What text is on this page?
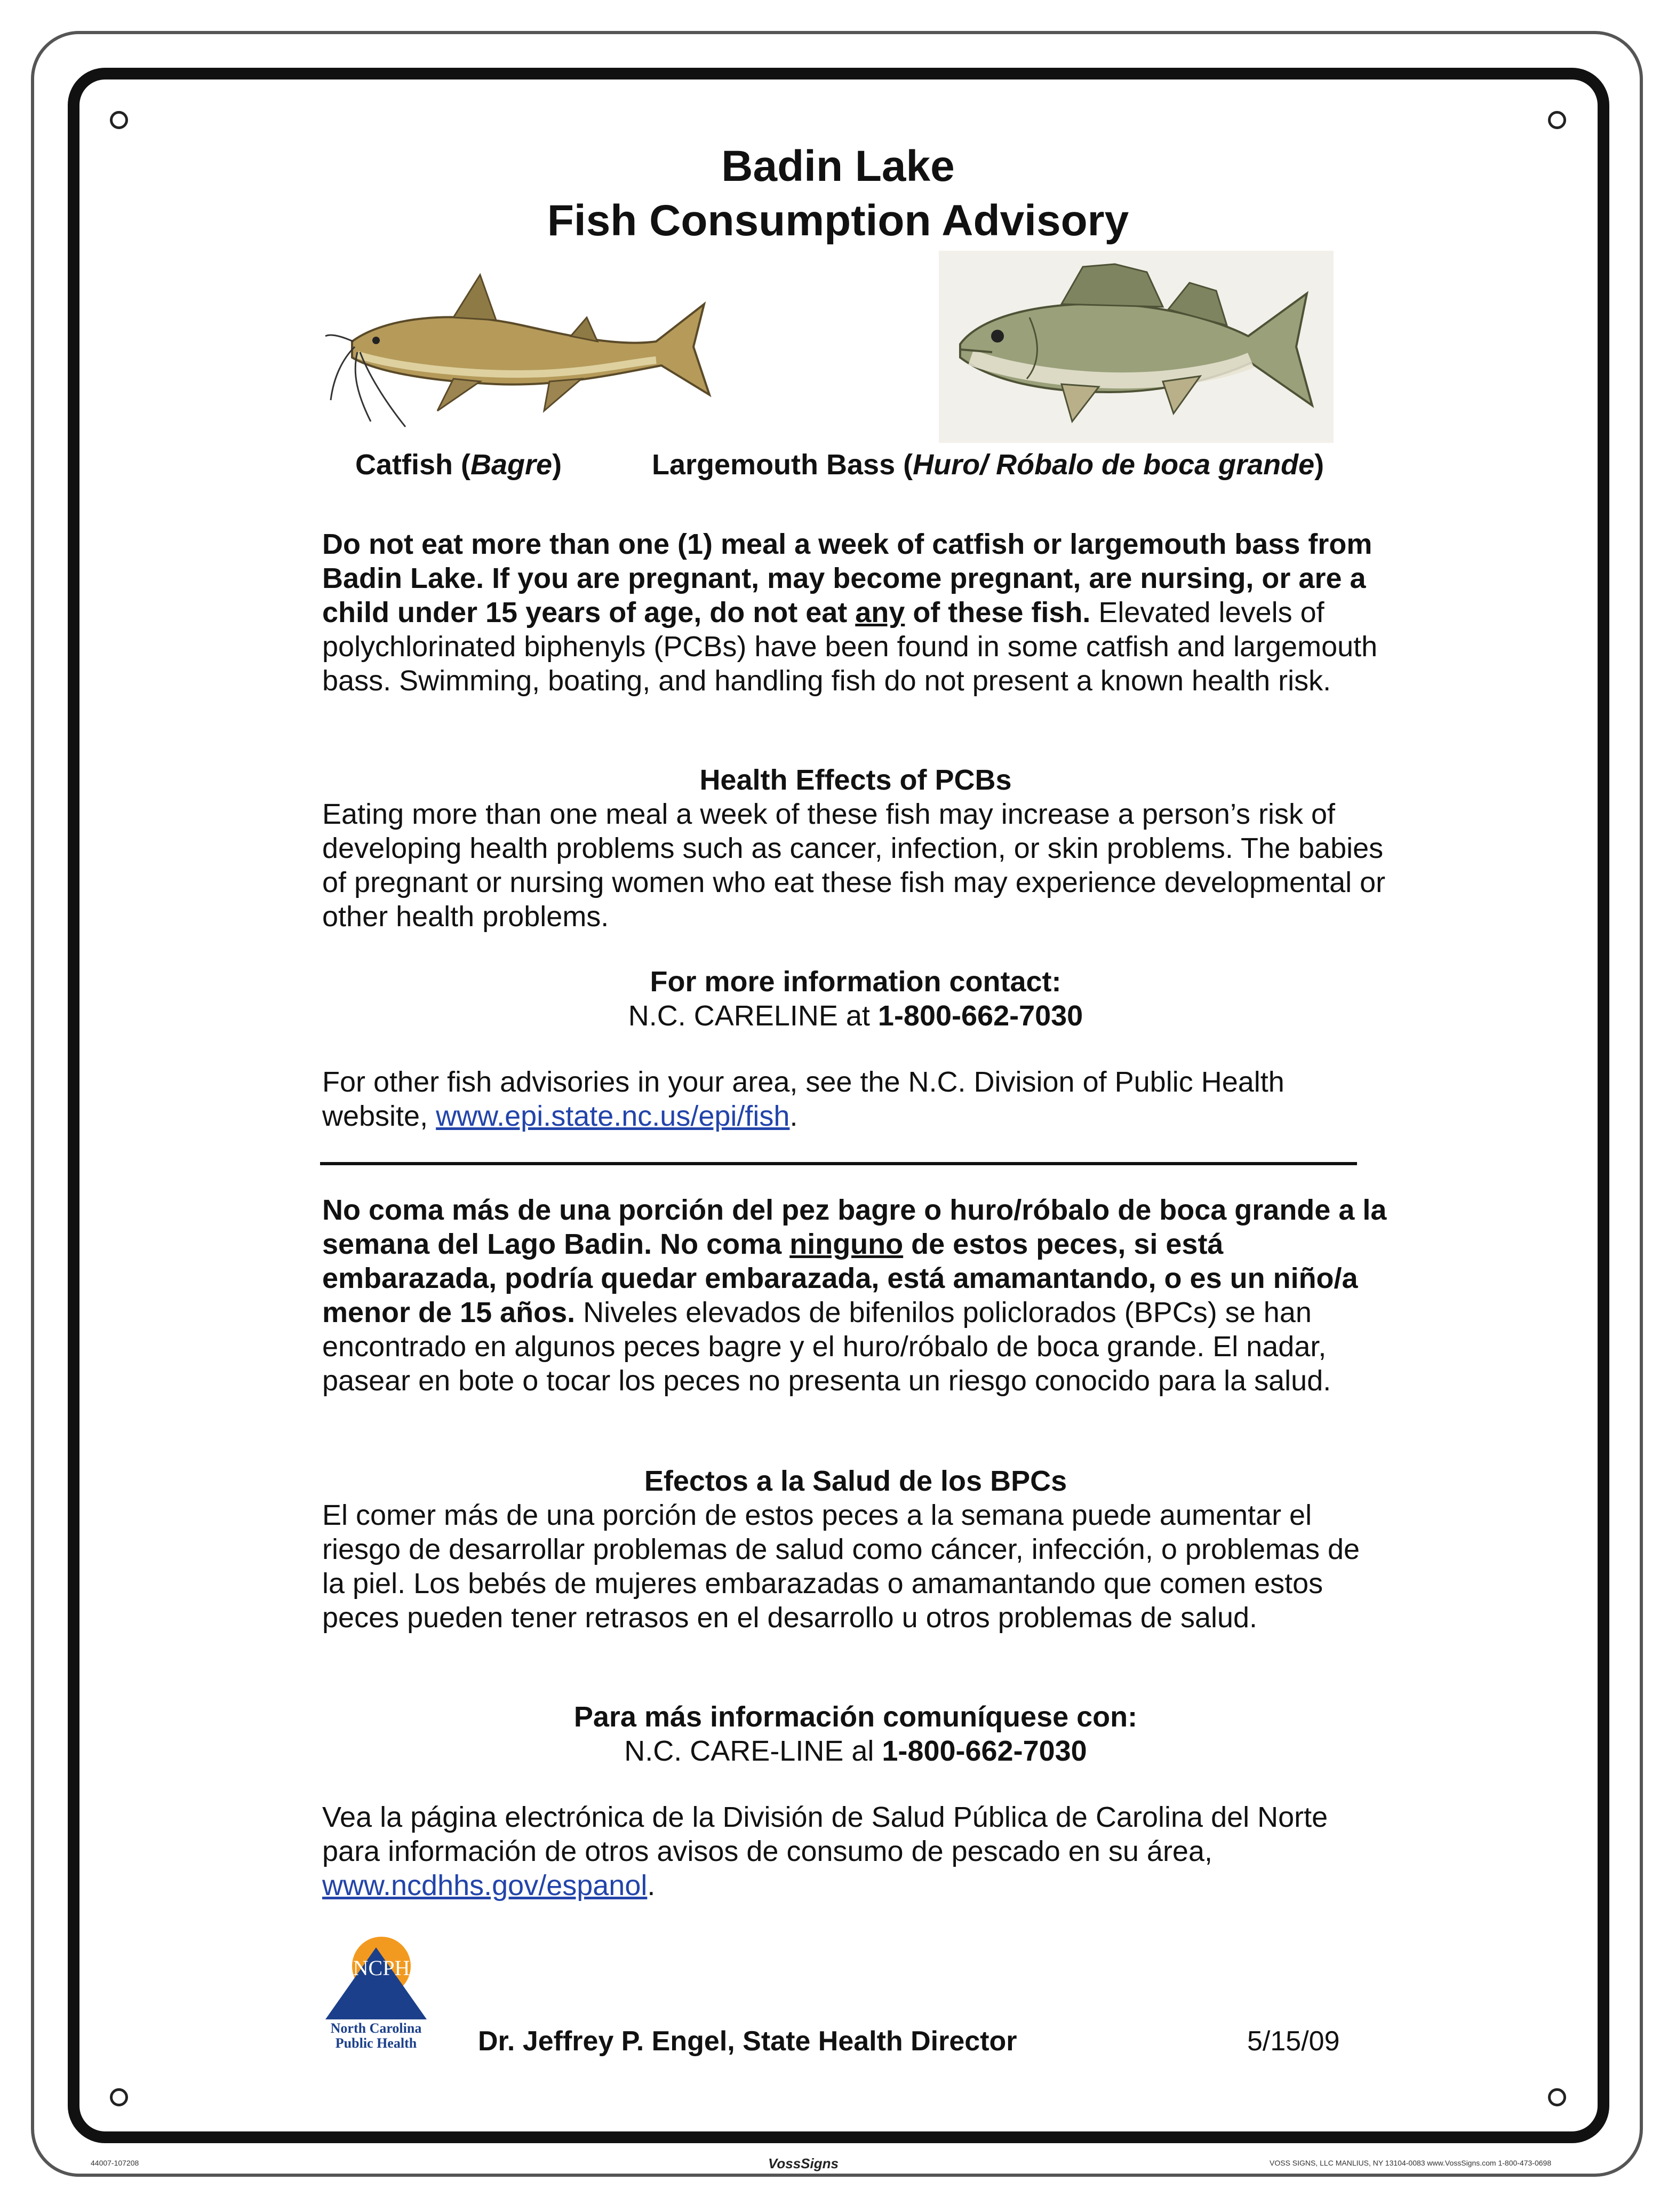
Badin Lake
Fish Consumption Advisory
Catfish (Bagre)	Largemouth Bass (Huro/ Róbalo de boca grande)
Do not eat more than one (1) meal a week of catfish or largemouth bass from Badin Lake. If you are pregnant, may become pregnant, are nursing, or are a child under 15 years of age, do not eat any of these fish. Elevated levels of polychlorinated biphenyls (PCBs) have been found in some catfish and largemouth bass. Swimming, boating, and handling fish do not present a known health risk.
Health Effects of PCBs
Eating more than one meal a week of these fish may increase a person’s risk of developing health problems such as cancer, infection, or skin problems. The babies of pregnant or nursing women who eat these fish may experience developmental or other health problems.
For more information contact:
N.C. CARELINE at 1-800-662-7030
For other fish advisories in your area, see the N.C. Division of Public Health website, www.epi.state.nc.us/epi/fish.
No coma más de una porción del pez bagre o huro/róbalo de boca grande a la semana del Lago Badin. No coma ninguno de estos peces, si está embarazada, podría quedar embarazada, está amamantando, o es un niño/a menor de 15 años. Niveles elevados de bifenilos policlorados (BPCs) se han encontrado en algunos peces bagre y el huro/róbalo de boca grande. El nadar, pasear en bote o tocar los peces no presenta un riesgo conocido para la salud.
Efectos a la Salud de los BPCs
El comer más de una porción de estos peces a la semana puede aumentar el riesgo de desarrollar problemas de salud como cáncer, infección, o problemas de la piel. Los bebés de mujeres embarazadas o amamantando que comen estos peces pueden tener retrasos en el desarrollo u otros problemas de salud.
Para más información comuníquese con:
N.C. CARE-LINE al 1-800-662-7030
Vea la página electrónica de la División de Salud Pública de Carolina del Norte para información de otros avisos de consumo de pescado en su área, www.ncdhhs.gov/espanol.
NCPH
North Carolina
Public Health	Dr. Jeffrey P. Engel, State Health Director	5/15/09
44007-107208	VossSigns	VOSS SIGNS, LLC MANLIUS, NY 13104-0083 www.VossSigns.com 1-800-473-0698
